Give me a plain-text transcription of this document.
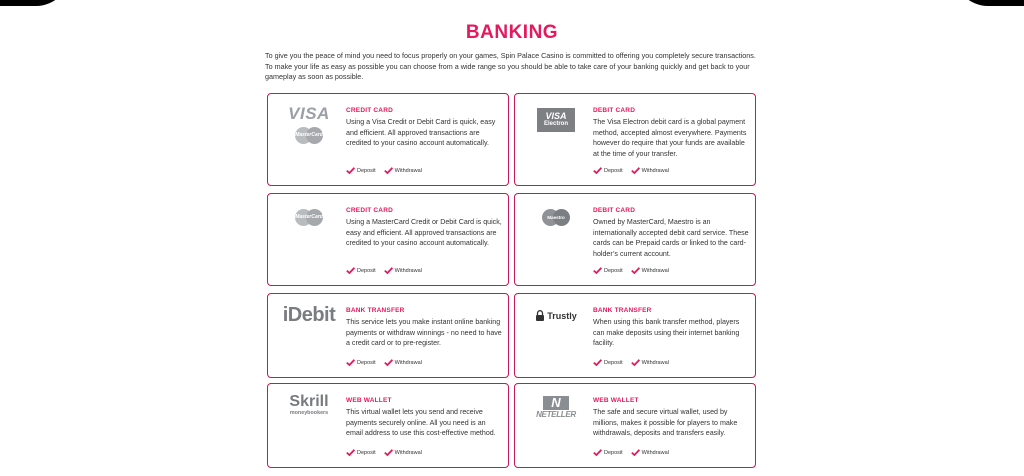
BANKING

To give you the peace of mind you need to focus properly on your games, Spin Palace Casino is committed to offering you completely secure transactions. To make your life as easy as possible you can choose from a wide range so you should be able to take care of your banking quickly and get back to your gameplay as soon as possible.

VISA
MasterCard
CREDIT CARD

Using a Visa Credit or Debit Card is quick, easy and efficient. All approved transactions are credited to your casino account automatically.

Deposit	Withdrawal
VISA
Electron
DEBIT CARD

The Visa Electron debit card is a global payment method, accepted almost everywhere. Payments however do require that your funds are available at the time of your transfer.

Deposit	Withdrawal
MasterCard
CREDIT CARD

Using a MasterCard Credit or Debit Card is quick, easy and efficient. All approved transactions are credited to your casino account automatically.

Deposit	Withdrawal
Maestro
DEBIT CARD

Owned by MasterCard, Maestro is an internationally accepted debit card service. These cards can be Prepaid cards or linked to the card-holder’s current account.

Deposit	Withdrawal
iDebit BANK TRANSFER

This service lets you make instant online banking payments or withdraw winnings - no need to have a credit card or to pre-register.

Deposit	Withdrawal
Trustly	BANK TRANSFER

When using this bank transfer method, players can make deposits using their internet banking facility.

Deposit	Withdrawal
Skrill
moneybookers
WEB WALLET

This virtual wallet lets you send and receive payments securely online. All you need is an email address to use this cost-effective method.

Deposit	Withdrawal
N
NETELLER
WEB WALLET

The safe and secure virtual wallet, used by millions, makes it possible for players to make withdrawals, deposits and transfers easily.

Deposit	Withdrawal
